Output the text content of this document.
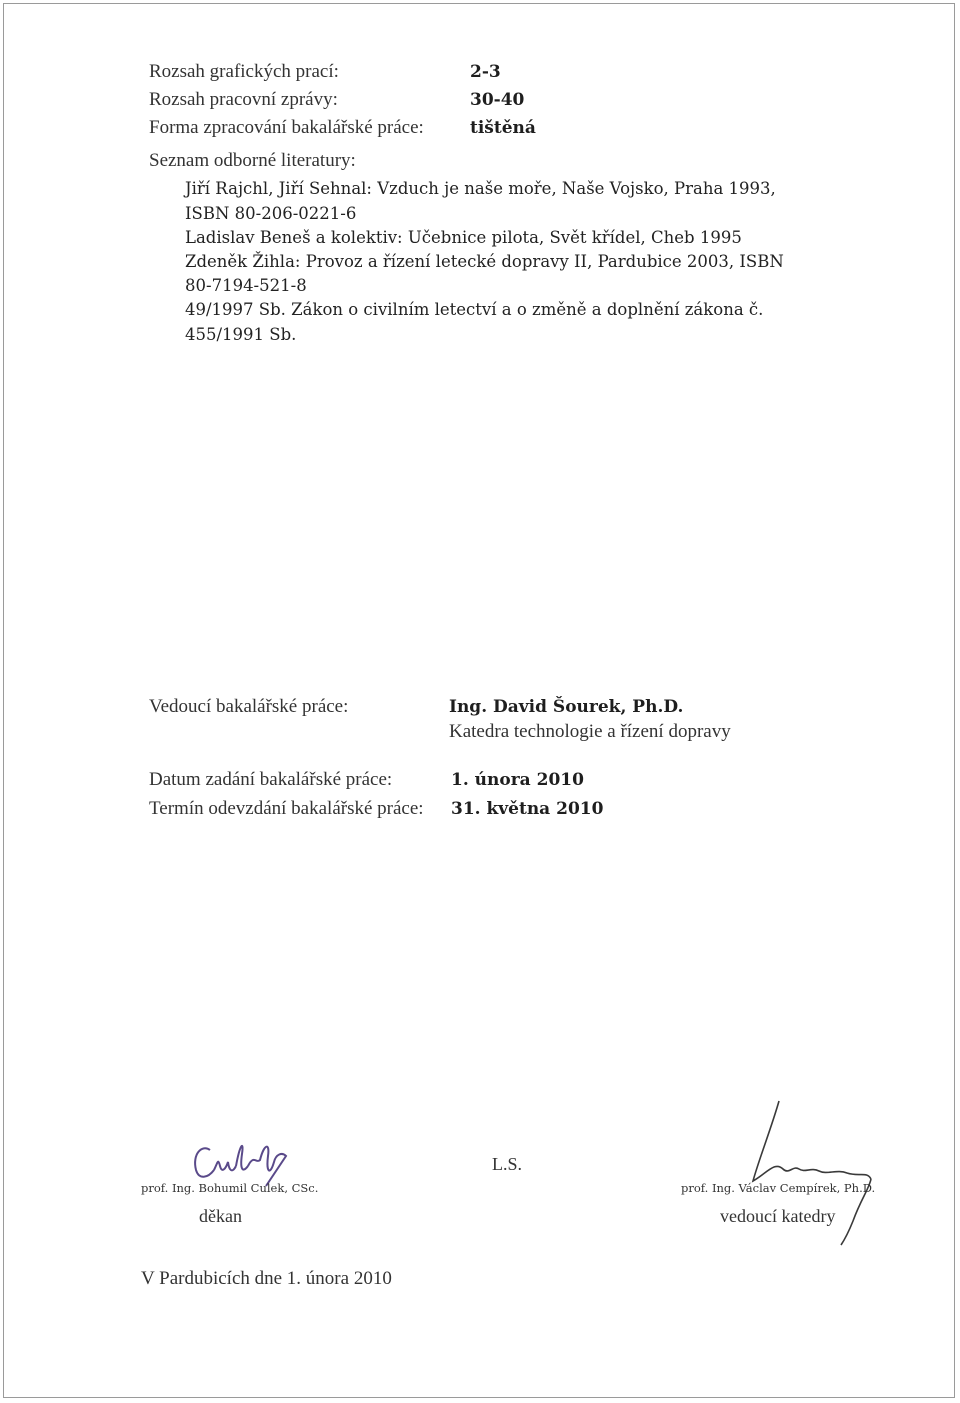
Rozsah grafických prací:	2-3
Rozsah pracovní zprávy:	30-40
Forma zpracování bakalářské práce:	tištěná
Seznam odborné literatury:
Jiří Rajchl, Jiří Sehnal: Vzduch je naše moře, Naše Vojsko, Praha 1993,
ISBN 80-206-0221-6
Ladislav Beneš a kolektiv: Učebnice pilota, Svět křídel, Cheb 1995
Zdeněk Žihla: Provoz a řízení letecké dopravy II, Pardubice 2003, ISBN
80-7194-521-8
49/1997 Sb. Zákon o civilním letectví a o změně a doplnění zákona č.
455/1991 Sb.
Vedoucí bakalářské práce:	Ing. David Šourek, Ph.D.
Katedra technologie a řízení dopravy
Datum zadání bakalářské práce:	1. února 2010
Termín odevzdání bakalářské práce: 31. května 2010
prof. Ing. Bohumil Culek, CSc.
děkan
L.S.
prof. Ing. Václav Cempírek, Ph.D.
vedoucí katedry
V Pardubicích dne 1. února 2010
